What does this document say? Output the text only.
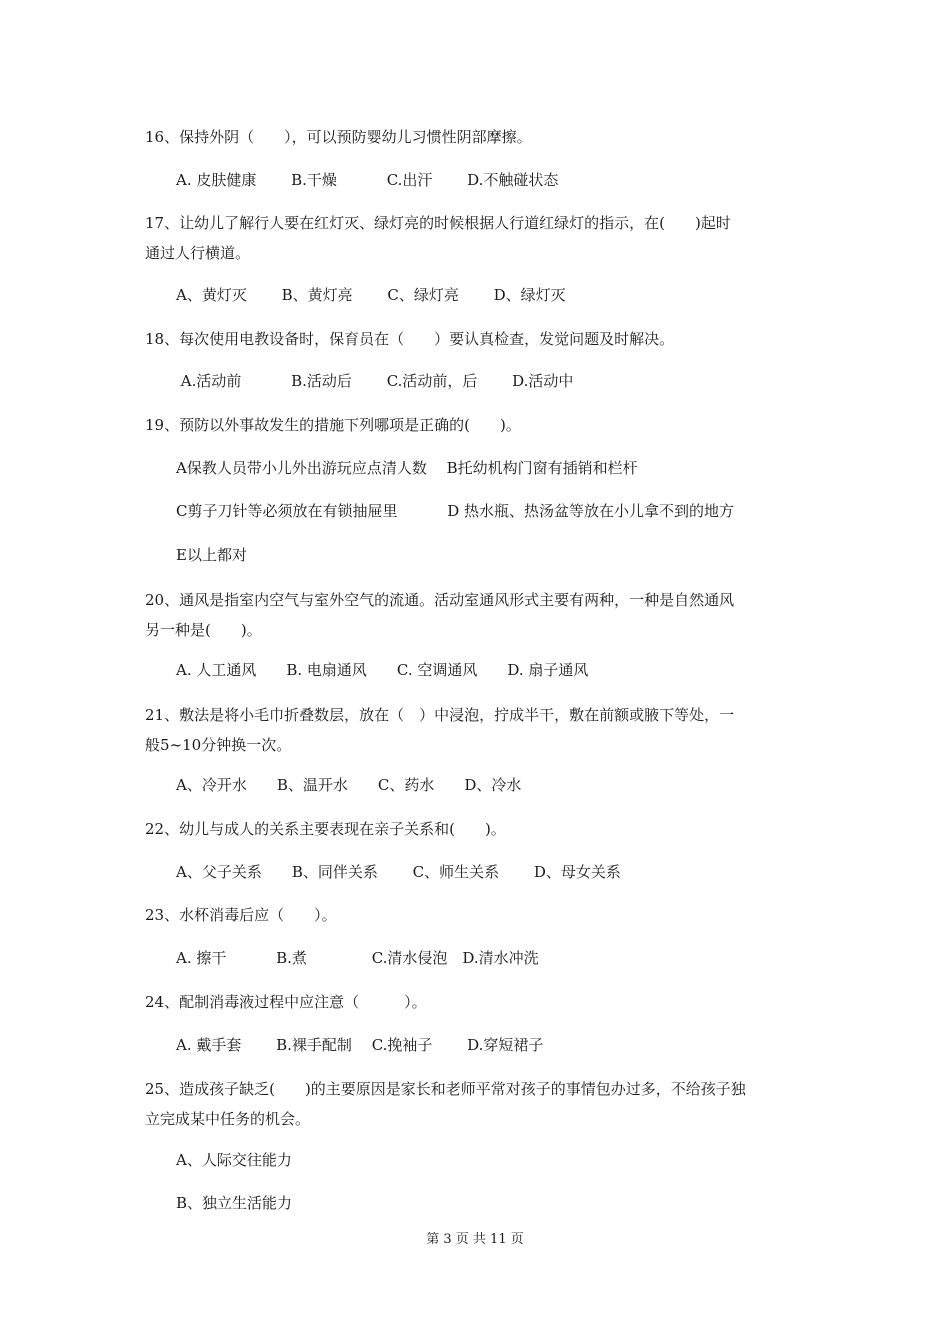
16、保持外阴（　　），可以预防婴幼儿习惯性阴部摩擦。
A. 皮肤健康　　 B.干燥　　　 C.出汗　　 D.不触碰状态
17、让幼儿了解行人要在红灯灭、绿灯亮的时候根据人行道红绿灯的指示，在(　　)起时
通过人行横道。
A、黄灯灭　　 B、黄灯亮　　 C、绿灯亮　　 D、绿灯灭
18、每次使用电教设备时，保育员在（　　）要认真检查，发觉问题及时解决。
A.活动前　　　 B.活动后　　 C.活动前，后　　 D.活动中
19、预防以外事故发生的措施下列哪项是正确的(　　)。
A保教人员带小儿外出游玩应点清人数　 B托幼机构门窗有插销和栏杆
C剪子刀针等必须放在有锁抽屉里　　　 D 热水瓶、热汤盆等放在小儿拿不到的地方
E以上都对
20、通风是指室内空气与室外空气的流通。活动室通风形式主要有两种，一种是自然通风
另一种是(　　)。
A. 人工通风　　B. 电扇通风　　C. 空调通风　　D. 扇子通风
21、敷法是将小毛巾折叠数层，放在（　）中浸泡，拧成半干，敷在前额或腋下等处，一
般5~10分钟换一次。
A、冷开水　　B、温开水　　C、药水　　D、冷水
22、幼儿与成人的关系主要表现在亲子关系和(　　)。
A、父子关系　　B、同伴关系　　 C、师生关系　　 D、母女关系
23、水杯消毒后应（　　）。
A. 擦干　　　 B.煮　　　　 C.清水侵泡　D.清水冲洗
24、配制消毒液过程中应注意（　　　）。
A. 戴手套　　 B.裸手配制　 C.挽袖子　　 D.穿短裙子
25、造成孩子缺乏(　　)的主要原因是家长和老师平常对孩子的事情包办过多，不给孩子独
立完成某中任务的机会。
A、人际交往能力
B、独立生活能力
第 3 页 共 11 页
